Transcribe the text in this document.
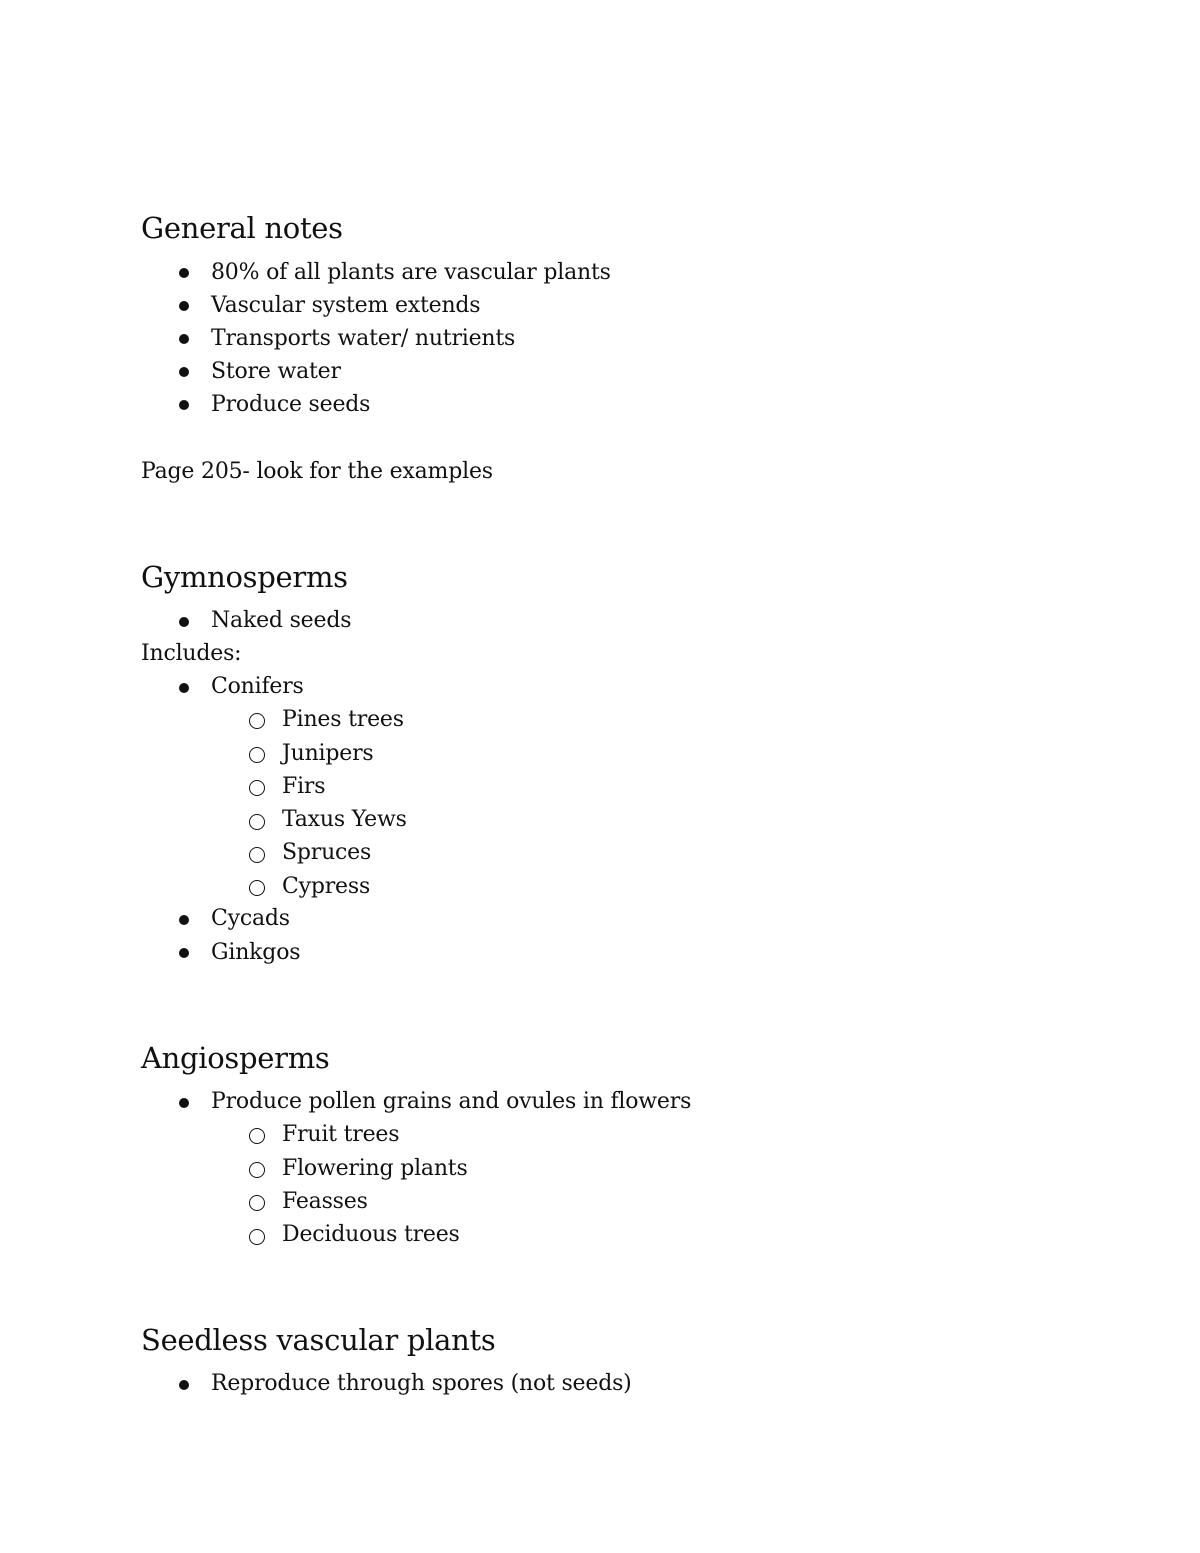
General notes
80% of all plants are vascular plants
Vascular system extends
Transports water/ nutrients
Store water
Produce seeds
Page 205- look for the examples
Gymnosperms
Naked seeds
Includes:
Conifers
Pines trees
Junipers
Firs
Taxus Yews
Spruces
Cypress
Cycads
Ginkgos
Angiosperms
Produce pollen grains and ovules in flowers
Fruit trees
Flowering plants
Feasses
Deciduous trees
Seedless vascular plants
Reproduce through spores (not seeds)
